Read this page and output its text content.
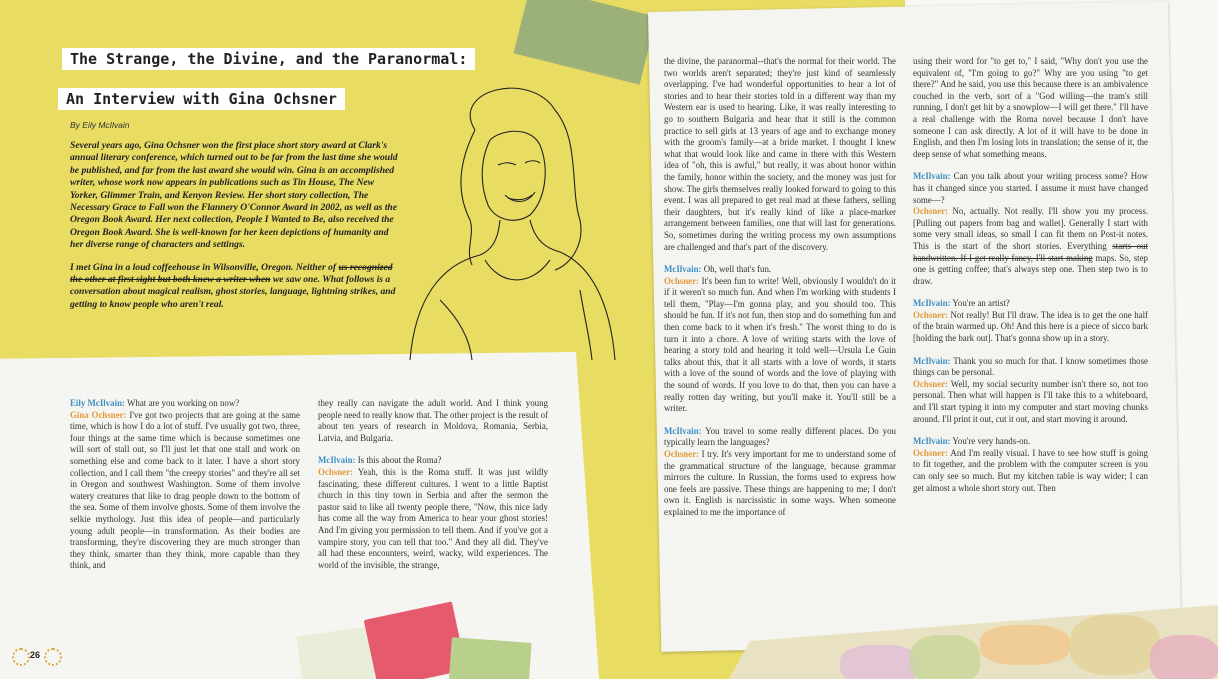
The Strange, the Divine, and the Paranormal:
An Interview with Gina Ochsner
By Eily McIlvain

Several years ago, Gina Ochsner won the first place short story award at Clark's annual literary conference, which turned out to be far from the last time she would be published, and far from the last award she would win. Gina is an accomplished writer, whose work now appears in publications such as Tin House, The New Yorker, Glimmer Train, and Kenyon Review. Her short story collection, The Necessary Grace to Fall won the Flannery O'Connor Award in 2002, as well as the Oregon Book Award. Her next collection, People I Wanted to Be, also received the Oregon Book Award. She is well-known for her keen depictions of humanity and her diverse range of characters and settings.

I met Gina in a loud coffeehouse in Wilsonville, Oregon. Neither of us recognized the other at first sight but both knew a writer when we saw one. What follows is a conversation about magical realism, ghost stories, language, lightning strikes, and getting to know people who aren't real.

Eily McIlvain: What are you working on now?
Gina Ochsner: I've got two projects that are going at the same time, which is how I do a lot of stuff. I've usually got two, three, four things at the same time which is because sometimes one will sort of stall out, so I'll just let that one stall and work on something else and come back to it later. I have a short story collection, and I call them "the creepy stories" and they're all set in Oregon and southwest Washington. Some of them involve watery creatures that like to drag people down to the bottom of the sea. Some of them involve ghosts. Some of them involve the selkie mythology. Just this idea of people—and particularly young adult people—in transformation. As their bodies are transforming, they're discovering they are much stronger than they think, smarter than they think, more capable than they think, and

they really can navigate the adult world. And I think young people need to really know that. The other project is the result of about ten years of research in Moldova, Romania, Serbia, Latvia, and Bulgaria.

McIlvain: Is this about the Roma?
Ochsner: Yeah, this is the Roma stuff. It was just wildly fascinating, these different cultures. I went to a little Baptist church in this tiny town in Serbia and after the sermon the pastor said to like all twenty people there, "Now, this nice lady has come all the way from America to hear your ghost stories! And I'm giving you permission to tell them. And if you've got a vampire story, you can tell that too." And they all did. They've all had these encounters, weird, wacky, wild experiences. The world of the invisible, the strange,

the divine, the paranormal--that's the normal for their world. The two worlds aren't separated; they're just kind of seamlessly overlapping. I've had wonderful opportunities to hear a lot of stories and to hear their stories told in a different way than my Western ear is used to hearing. Like, it was really interesting to go to southern Bulgaria and hear that it still is the common practice to sell girls at 13 years of age and to exchange money with the groom's family—at a bride market. I thought I knew what that would look like and came in there with this Western idea of "oh, this is awful," but really, it was about honor within the family, honor within the society, and the money was just for show. The girls themselves really looked forward to going to this event. I was all prepared to get real mad at these fathers, selling their daughters, but it's really kind of like a place-marker arrangement between families, one that will last for generations. So, sometimes during the writing process my own assumptions are challenged and that's part of the discovery.

McIlvain: Oh, well that's fun.
Ochsner: It's been fun to write! Well, obviously I wouldn't do it if it weren't so much fun. And when I'm working with students I tell them, "Play—I'm gonna play, and you should too. This should be fun. If it's not fun, then stop and do something fun and then come back to it when it's fresh." The worst thing to do is turn it into a chore. A love of writing starts with the love of hearing a story told and hearing it told well—Ursula Le Guin talks about this, that it all starts with a love of words, it starts with a love of the sound of words and the love of playing with the sound of words. If you love to do that, then you can have a really rotten day writing, but you'll make it. You'll still be a writer.

McIlvain: You travel to some really different places. Do you typically learn the languages?
Ochsner: I try. It's very important for me to understand some of the grammatical structure of the language, because grammar mirrors the culture. In Russian, the forms used to express how one feels are passive. These things are happening to me; I don't own it. English is narcissistic in some ways. When someone explained to me the importance of

using their word for "to get to," I said, "Why don't you use the equivalent of, "I'm going to go?" Why are you using "to get there?" And he said, you use this because there is an ambivalence couched in the verb, sort of a "God willing—the tram's still running, I don't get hit by a snowplow—I will get there." I'll have a real challenge with the Roma novel because I don't have someone I can ask directly. A lot of it will have to be done in English, and then I'm losing lots in translation; the sense of it, the deep sense of what something means.

McIlvain: Can you talk about your writing process some? How has it changed since you started. I assume it must have changed some—?
Ochsner: No, actually. Not really. I'll show you my process. [Pulling out papers from bag and wallet]. Generally I start with some very small ideas, so small I can fit them on Post-it notes. This is the start of the short stories. Everything starts out handwritten. If I get really fancy, I'll start making maps. So, step one is getting coffee; that's always step one. Then step two is to draw.

McIlvain: You're an artist?
Ochsner: Not really! But I'll draw. The idea is to get the one half of the brain warmed up. Oh! And this here is a piece of sicco bark [holding the bark out]. That's gonna show up in a story.

McIlvain: Thank you so much for that. I know sometimes those things can be personal.
Ochsner: Well, my social security number isn't there so, not too personal. Then what will happen is I'll take this to a whiteboard, and I'll start typing it into my computer and start moving chunks around. I'll print it out, cut it out, and start moving it around.

McIlvain: You're very hands-on.
Ochsner: And I'm really visual. I have to see how stuff is going to fit together, and the problem with the computer screen is you can only see so much. But my kitchen table is way wider; I can get almost a whole short story out. Then

26
